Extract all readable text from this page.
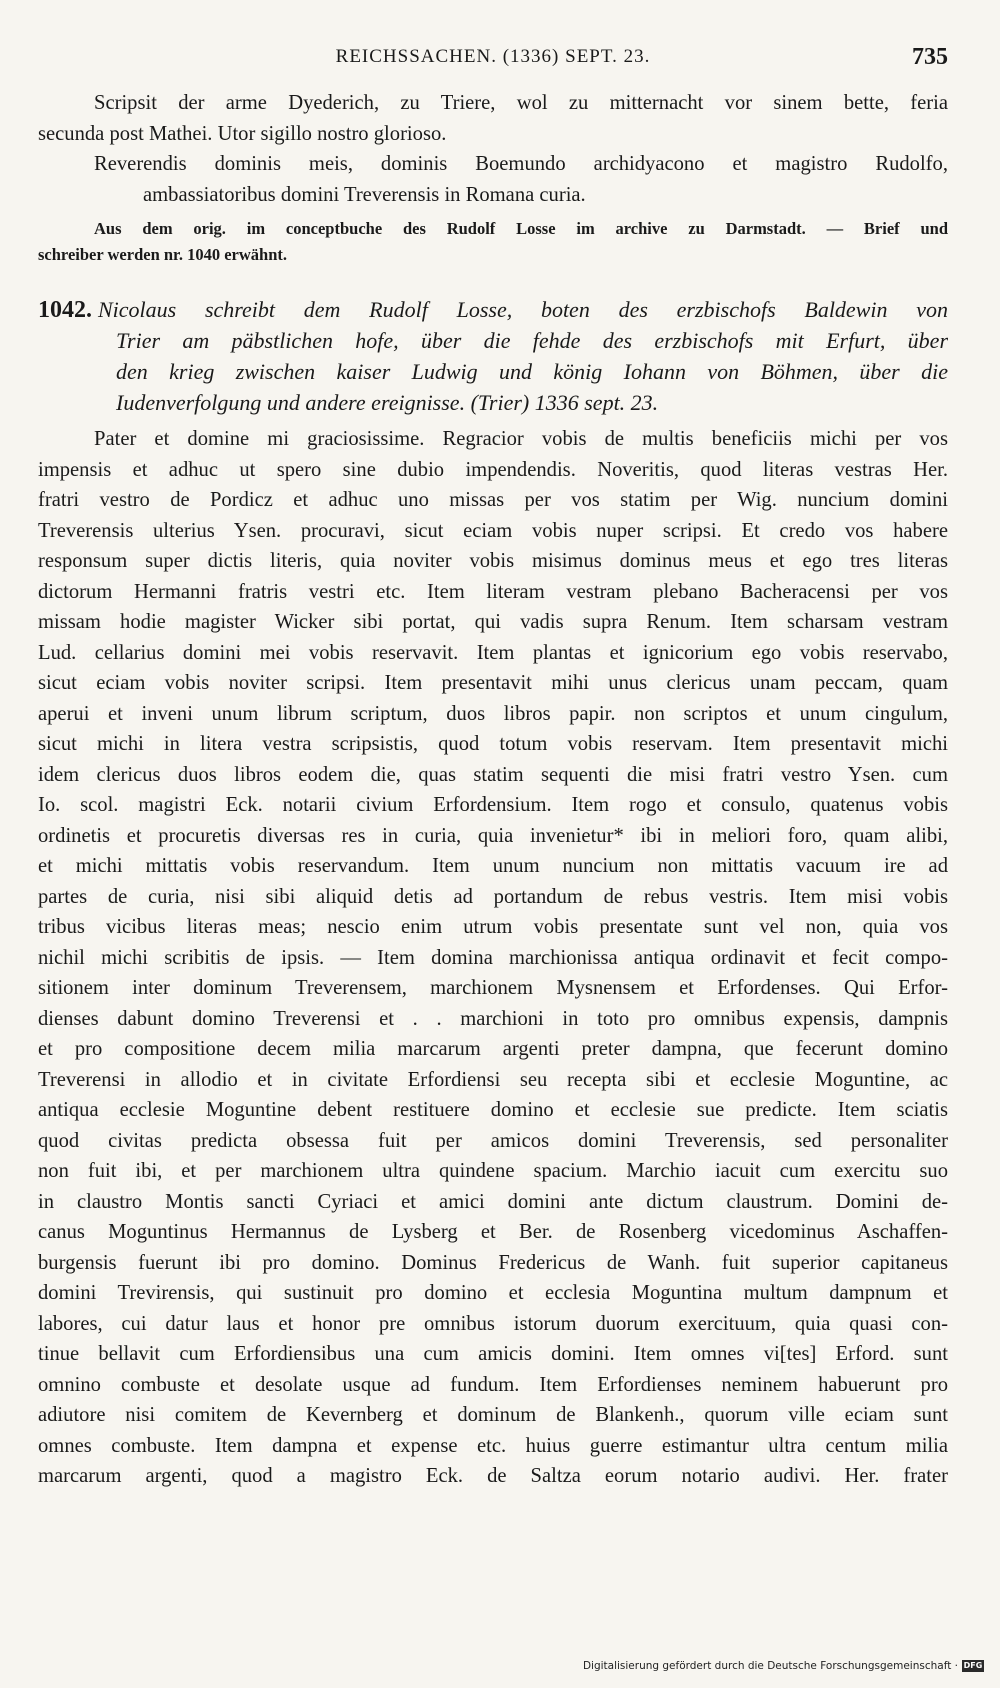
REICHSSACHEN. (1336) SEPT. 23.	735
Scripsit der arme Dyederich, zu Triere, wol zu mitternacht vor sinem bette, feria
secunda post Mathei. Utor sigillo nostro glorioso.
Reverendis dominis meis, dominis Boemundo archidyacono et magistro Rudolfo,
ambassiatoribus domini Treverensis in Romana curia.
Aus dem orig. im conceptbuche des Rudolf Losse im archive zu Darmstadt. — Brief und
schreiber werden nr. 1040 erwähnt.
1042. Nicolaus schreibt dem Rudolf Losse, boten des erzbischofs Baldewin von
Trier am päbstlichen hofe, über die fehde des erzbischofs mit Erfurt, über
den krieg zwischen kaiser Ludwig und könig Iohann von Böhmen, über die
Iudenverfolgung und andere ereignisse. (Trier) 1336 sept. 23.
Pater et domine mi graciosissime. Regracior vobis de multis beneficiis michi per vos
impensis et adhuc ut spero sine dubio impendendis. Noveritis, quod literas vestras Her.
fratri vestro de Pordicz et adhuc uno missas per vos statim per Wig. nuncium domini
Treverensis ulterius Ysen. procuravi, sicut eciam vobis nuper scripsi. Et credo vos habere
responsum super dictis literis, quia noviter vobis misimus dominus meus et ego tres literas
dictorum Hermanni fratris vestri etc. Item literam vestram plebano Bacheracensi per vos
missam hodie magister Wicker sibi portat, qui vadis supra Renum. Item scharsam vestram
Lud. cellarius domini mei vobis reservavit. Item plantas et ignicorium ego vobis reservabo,
sicut eciam vobis noviter scripsi. Item presentavit mihi unus clericus unam peccam, quam
aperui et inveni unum librum scriptum, duos libros papir. non scriptos et unum cingulum,
sicut michi in litera vestra scripsistis, quod totum vobis reservam. Item presentavit michi
idem clericus duos libros eodem die, quas statim sequenti die misi fratri vestro Ysen. cum
Io. scol. magistri Eck. notarii civium Erfordensium. Item rogo et consulo, quatenus vobis
ordinetis et procuretis diversas res in curia, quia invenietur* ibi in meliori foro, quam alibi,
et michi mittatis vobis reservandum. Item unum nuncium non mittatis vacuum ire ad
partes de curia, nisi sibi aliquid detis ad portandum de rebus vestris. Item misi vobis
tribus vicibus literas meas; nescio enim utrum vobis presentate sunt vel non, quia vos
nichil michi scribitis de ipsis. — Item domina marchionissa antiqua ordinavit et fecit compo-
sitionem inter dominum Treverensem, marchionem Mysnensem et Erfordenses. Qui Erfor-
dienses dabunt domino Treverensi et . . marchioni in toto pro omnibus expensis, dampnis
et pro compositione decem milia marcarum argenti preter dampna, que fecerunt domino
Treverensi in allodio et in civitate Erfordiensi seu recepta sibi et ecclesie Moguntine, ac
antiqua ecclesie Moguntine debent restituere domino et ecclesie sue predicte. Item sciatis
quod civitas predicta obsessa fuit per amicos domini Treverensis, sed personaliter
non fuit ibi, et per marchionem ultra quindene spacium. Marchio iacuit cum exercitu suo
in claustro Montis sancti Cyriaci et amici domini ante dictum claustrum. Domini de-
canus Moguntinus Hermannus de Lysberg et Ber. de Rosenberg vicedominus Aschaffen-
burgensis fuerunt ibi pro domino. Dominus Fredericus de Wanh. fuit superior capitaneus
domini Trevirensis, qui sustinuit pro domino et ecclesia Moguntina multum dampnum et
labores, cui datur laus et honor pre omnibus istorum duorum exercituum, quia quasi con-
tinue bellavit cum Erfordiensibus una cum amicis domini. Item omnes vi[tes] Erford. sunt
omnino combuste et desolate usque ad fundum. Item Erfordienses neminem habuerunt pro
adiutore nisi comitem de Kevernberg et dominum de Blankenh., quorum ville eciam sunt
omnes combuste. Item dampna et expense etc. huius guerre estimantur ultra centum milia
marcarum argenti, quod a magistro Eck. de Saltza eorum notario audivi. Her. frater
Digitalisierung gefördert durch die Deutsche Forschungsgemeinschaft · DFG
